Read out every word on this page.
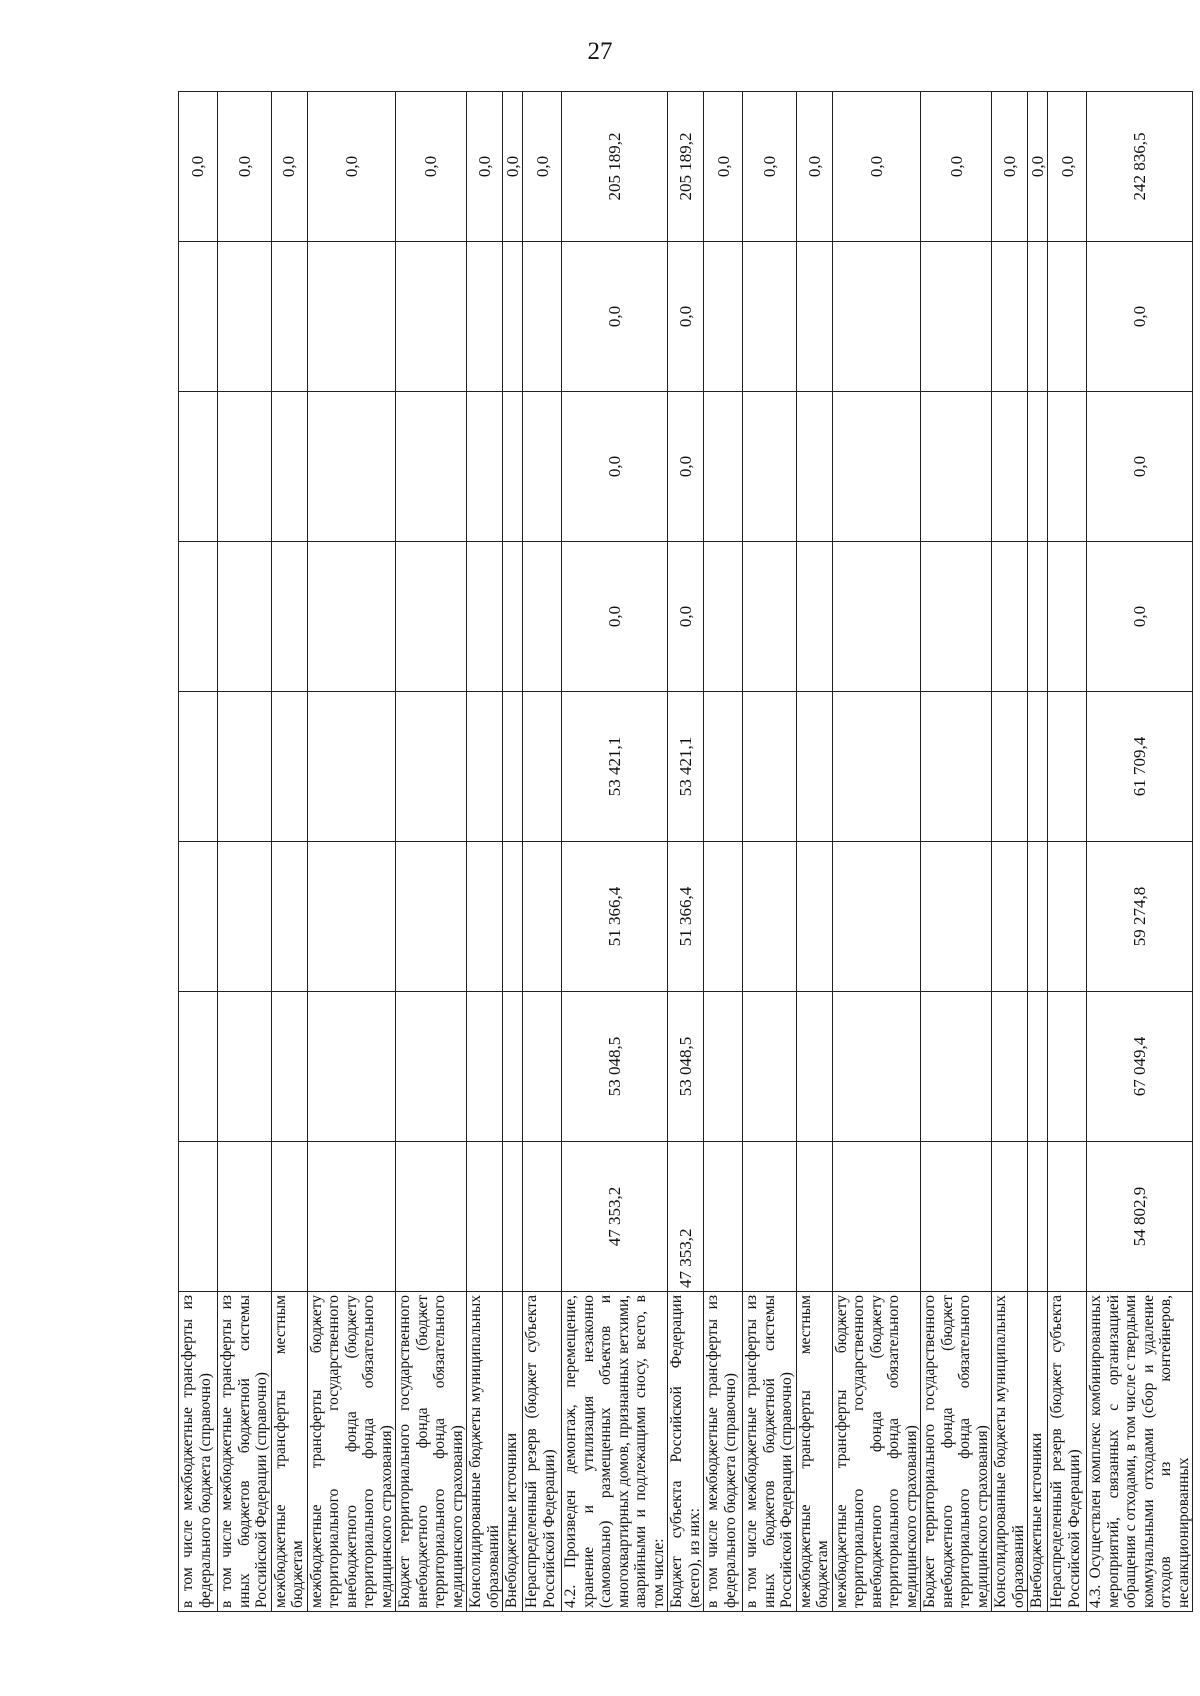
27
в том числе межбюджетные трансферты из федерального бюджета (справочно)								0,0
в том числе межбюджетные трансферты из иных бюджетов бюджетной системы Российской Федерации (справочно)								0,0
межбюджетные трансферты местным бюджетам								0,0
межбюджетные трансферты бюджету территориального государственного внебюджетного фонда (бюджету территориального фонда обязательного медицинского страхования)								0,0
Бюджет территориального государственного внебюджетного фонда (бюджет территориального фонда обязательного медицинского страхования)								0,0
Консолидированные бюджеты муниципальных образований								0,0
Внебюджетные источники								0,0
Нераспределенный резерв (бюджет субъекта Российской Федерации)								0,0
4.2. Произведен демонтаж, перемещение, хранение и утилизация незаконно (самовольно) размещенных объектов и многоквартирных домов, признанных ветхими, аварийными и подлежащими сносу, всего, в том числе:	47 353,2	53 048,5	51 366,4	53 421,1	0,0	0,0	0,0	205 189,2
Бюджет субъекта Российской Федерации (всего), из них:	47 353,2	53 048,5	51 366,4	53 421,1	0,0	0,0	0,0	205 189,2
в том числе межбюджетные трансферты из федерального бюджета (справочно)								0,0
в том числе межбюджетные трансферты из иных бюджетов бюджетной системы Российской Федерации (справочно)								0,0
межбюджетные трансферты местным бюджетам								0,0
межбюджетные трансферты бюджету территориального государственного внебюджетного фонда (бюджету территориального фонда обязательного медицинского страхования)								0,0
Бюджет территориального государственного внебюджетного фонда (бюджет территориального фонда обязательного медицинского страхования)								0,0
Консолидированные бюджеты муниципальных образований								0,0
Внебюджетные источники								0,0
Нераспределенный резерв (бюджет субъекта Российской Федерации)								0,0
4.3. Осуществлен комплекс комбинированных мероприятий, связанных с организацией обращения с отходами, в том числе с твердыми коммунальными отходами (сбор и удаление отходов из контейнеров, несанкционированных	54 802,9	67 049,4	59 274,8	61 709,4	0,0	0,0	0,0	242 836,5
